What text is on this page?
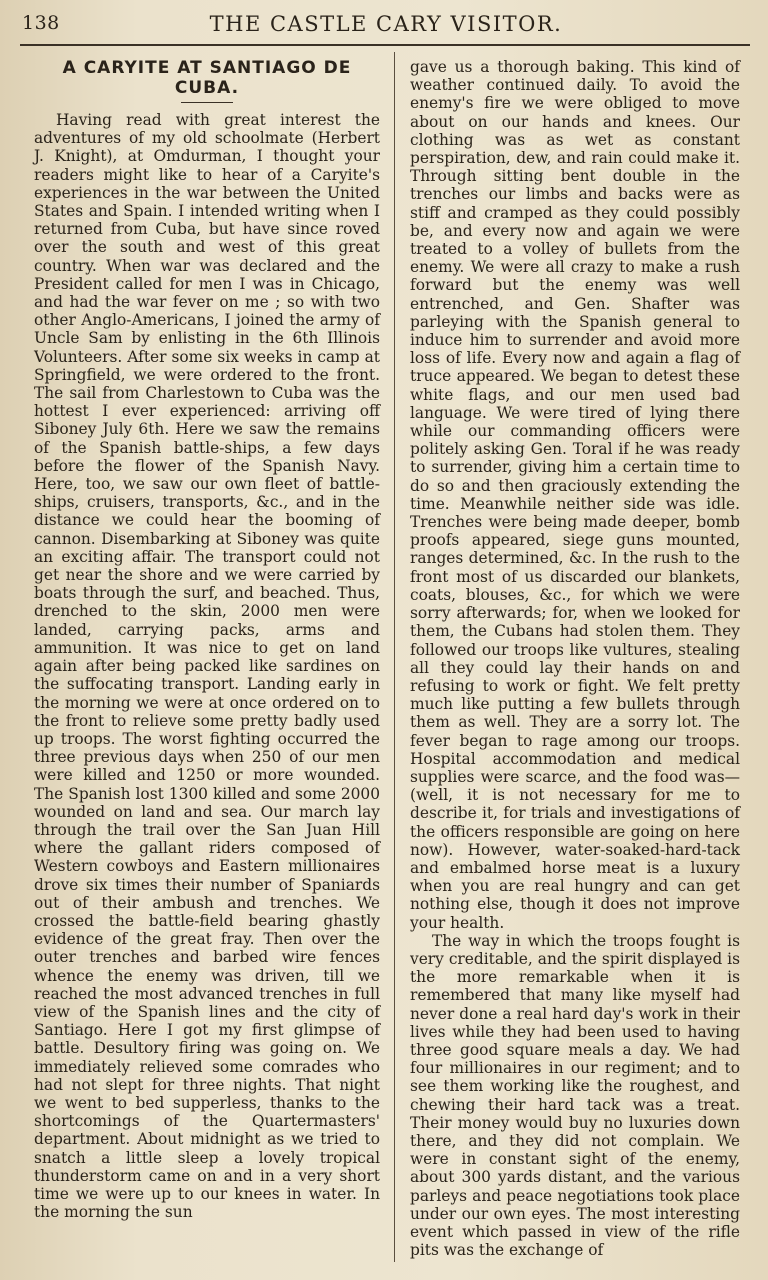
138	THE CASTLE CARY VISITOR.
A CARYITE AT SANTIAGO DE CUBA.

Having read with great interest the adventures of my old schoolmate (Herbert J. Knight), at Omdurman, I thought your readers might like to hear of a Caryite's experiences in the war between the United States and Spain. I intended writing when I returned from Cuba, but have since roved over the south and west of this great country. When war was declared and the President called for men I was in Chicago, and had the war fever on me ; so with two other Anglo-Americans, I joined the army of Uncle Sam by enlisting in the 6th Illinois Volunteers. After some six weeks in camp at Springfield, we were ordered to the front. The sail from Charlestown to Cuba was the hottest I ever experienced: arriving off Siboney July 6th. Here we saw the remains of the Spanish battle-ships, a few days before the flower of the Spanish Navy. Here, too, we saw our own fleet of battle-ships, cruisers, transports, &c., and in the distance we could hear the booming of cannon. Disembarking at Siboney was quite an exciting affair. The transport could not get near the shore and we were carried by boats through the surf, and beached. Thus, drenched to the skin, 2000 men were landed, carrying packs, arms and ammunition. It was nice to get on land again after being packed like sardines on the suffocating transport. Landing early in the morning we were at once ordered on to the front to relieve some pretty badly used up troops. The worst fighting occurred the three previous days when 250 of our men were killed and 1250 or more wounded. The Spanish lost 1300 killed and some 2000 wounded on land and sea. Our march lay through the trail over the San Juan Hill where the gallant riders composed of Western cowboys and Eastern millionaires drove six times their number of Spaniards out of their ambush and trenches. We crossed the battle-field bearing ghastly evidence of the great fray. Then over the outer trenches and barbed wire fences whence the enemy was driven, till we reached the most advanced trenches in full view of the Spanish lines and the city of Santiago. Here I got my first glimpse of battle. Desultory firing was going on. We immediately relieved some comrades who had not slept for three nights. That night we went to bed supperless, thanks to the shortcomings of the Quartermasters' department. About midnight as we tried to snatch a little sleep a lovely tropical thunderstorm came on and in a very short time we were up to our knees in water. In the morning the sun

gave us a thorough baking. This kind of weather continued daily. To avoid the enemy's fire we were obliged to move about on our hands and knees. Our clothing was as wet as constant perspiration, dew, and rain could make it. Through sitting bent double in the trenches our limbs and backs were as stiff and cramped as they could possibly be, and every now and again we were treated to a volley of bullets from the enemy. We were all crazy to make a rush forward but the enemy was well entrenched, and Gen. Shafter was parleying with the Spanish general to induce him to surrender and avoid more loss of life. Every now and again a flag of truce appeared. We began to detest these white flags, and our men used bad language. We were tired of lying there while our commanding officers were politely asking Gen. Toral if he was ready to surrender, giving him a certain time to do so and then graciously extending the time. Meanwhile neither side was idle. Trenches were being made deeper, bomb proofs appeared, siege guns mounted, ranges determined, &c. In the rush to the front most of us discarded our blankets, coats, blouses, &c., for which we were sorry afterwards; for, when we looked for them, the Cubans had stolen them. They followed our troops like vultures, stealing all they could lay their hands on and refusing to work or fight. We felt pretty much like putting a few bullets through them as well. They are a sorry lot. The fever began to rage among our troops. Hospital accommodation and medical supplies were scarce, and the food was— (well, it is not necessary for me to describe it, for trials and investigations of the officers responsible are going on here now). However, water-soaked-hard-tack and embalmed horse meat is a luxury when you are real hungry and can get nothing else, though it does not improve your health.

The way in which the troops fought is very creditable, and the spirit displayed is the more remarkable when it is remembered that many like myself had never done a real hard day's work in their lives while they had been used to having three good square meals a day. We had four millionaires in our regiment; and to see them working like the roughest, and chewing their hard tack was a treat. Their money would buy no luxuries down there, and they did not complain. We were in constant sight of the enemy, about 300 yards distant, and the various parleys and peace negotiations took place under our own eyes. The most interesting event which passed in view of the rifle pits was the exchange of
